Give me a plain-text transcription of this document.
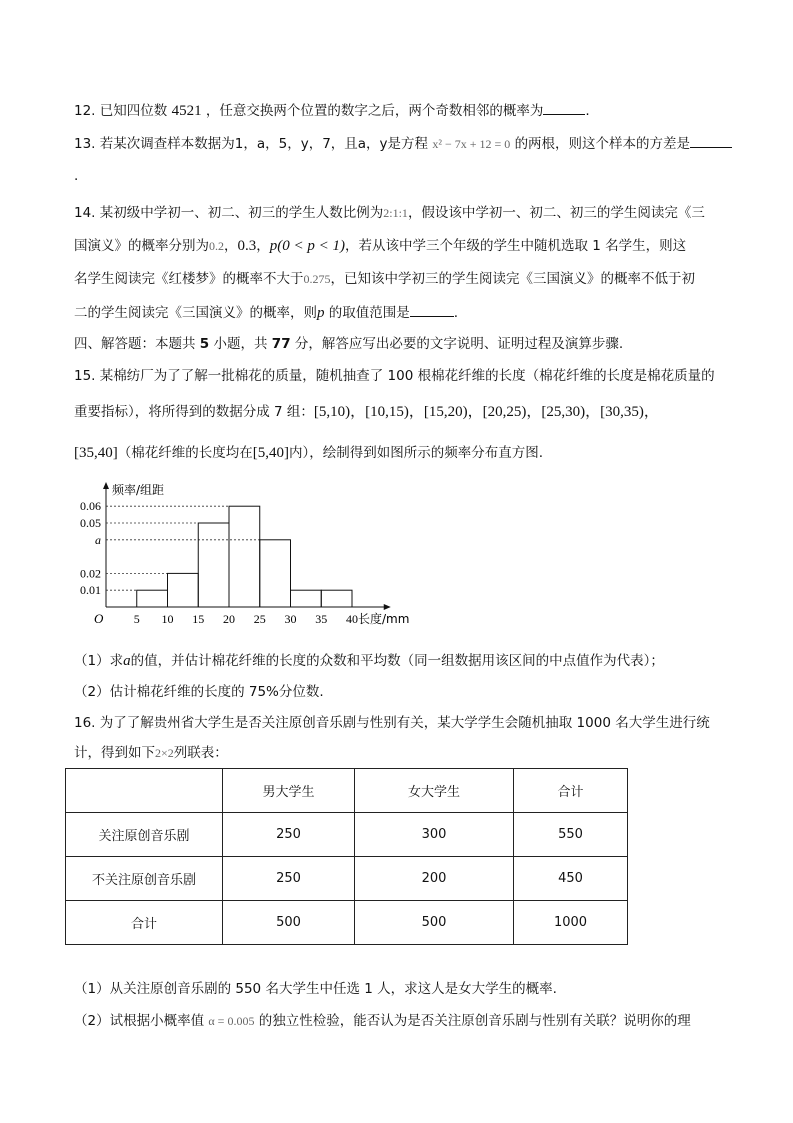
12. 已知四位数 4521 ，任意交换两个位置的数字之后，两个奇数相邻的概率为	.
13. 若某次调查样本数据为1，a，5，y，7，且a，y是方程 x² − 7x + 12 = 0 的两根，则这个样本的方差是
.
14. 某初级中学初一、初二、初三的学生人数比例为2:1:1，假设该中学初一、初二、初三的学生阅读完《三
国演义》的概率分别为0.2，0.3，p(0 < p < 1)，若从该中学三个年级的学生中随机选取 1 名学生，则这
名学生阅读完《红楼梦》的概率不大于0.275，已知该中学初三的学生阅读完《三国演义》的概率不低于初
二的学生阅读完《三国演义》的概率，则p 的取值范围是	.
四、解答题：本题共 5 小题，共 77 分，解答应写出必要的文字说明、证明过程及演算步骤.
15. 某棉纺厂为了了解一批棉花的质量，随机抽查了 100 根棉花纤维的长度（棉花纤维的长度是棉花质量的
重要指标），将所得到的数据分成 7 组：[5,10)，[10,15)，[15,20)，[20,25)，[25,30)，[30,35)，
[35,40]（棉花纤维的长度均在[5,40]内），绘制得到如图所示的频率分布直方图.
0.06
0.05
a
0.02
0.01
5 10 15 20 25 30 35 40
O	长度/mm
频率/组距
（1）求a的值，并估计棉花纤维的长度的众数和平均数（同一组数据用该区间的中点值作为代表）；
（2）估计棉花纤维的长度的 75%分位数.
16. 为了了解贵州省大学生是否关注原创音乐剧与性别有关，某大学学生会随机抽取 1000 名大学生进行统
计，得到如下2×2列联表：
	男大学生	女大学生	合计
关注原创音乐剧	250	300	550
不关注原创音乐剧	250	200	450
合计	500	500	1000
（1）从关注原创音乐剧的 550 名大学生中任选 1 人，求这人是女大学生的概率.
（2）试根据小概率值 α = 0.005 的独立性检验，能否认为是否关注原创音乐剧与性别有关联？说明你的理
